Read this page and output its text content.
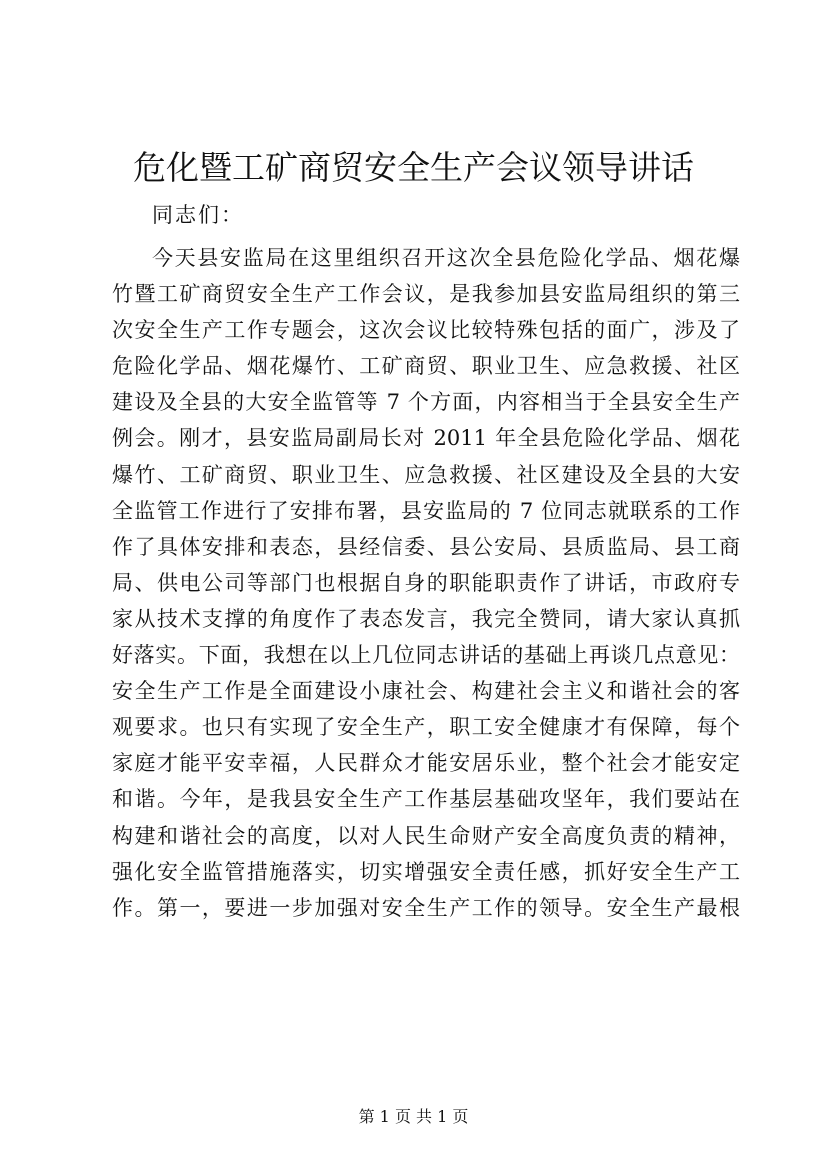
危化暨工矿商贸安全生产会议领导讲话

同志们：

今天县安监局在这里组织召开这次全县危险化学品、烟花爆
竹暨工矿商贸安全生产工作会议，是我参加县安监局组织的第三
次安全生产工作专题会，这次会议比较特殊包括的面广，涉及了
危险化学品、烟花爆竹、工矿商贸、职业卫生、应急救援、社区
建设及全县的大安全监管等 7 个方面，内容相当于全县安全生产
例会。刚才，县安监局副局长对 2011 年全县危险化学品、烟花
爆竹、工矿商贸、职业卫生、应急救援、社区建设及全县的大安
全监管工作进行了安排布署，县安监局的 7 位同志就联系的工作
作了具体安排和表态，县经信委、县公安局、县质监局、县工商
局、供电公司等部门也根据自身的职能职责作了讲话，市政府专
家从技术支撑的角度作了表态发言，我完全赞同，请大家认真抓
好落实。下面，我想在以上几位同志讲话的基础上再谈几点意见：
安全生产工作是全面建设小康社会、构建社会主义和谐社会的客
观要求。也只有实现了安全生产，职工安全健康才有保障，每个
家庭才能平安幸福，人民群众才能安居乐业，整个社会才能安定
和谐。今年，是我县安全生产工作基层基础攻坚年，我们要站在
构建和谐社会的高度，以对人民生命财产安全高度负责的精神，
强化安全监管措施落实，切实增强安全责任感，抓好安全生产工
作。第一，要进一步加强对安全生产工作的领导。安全生产最根
第 1 页 共 1 页
